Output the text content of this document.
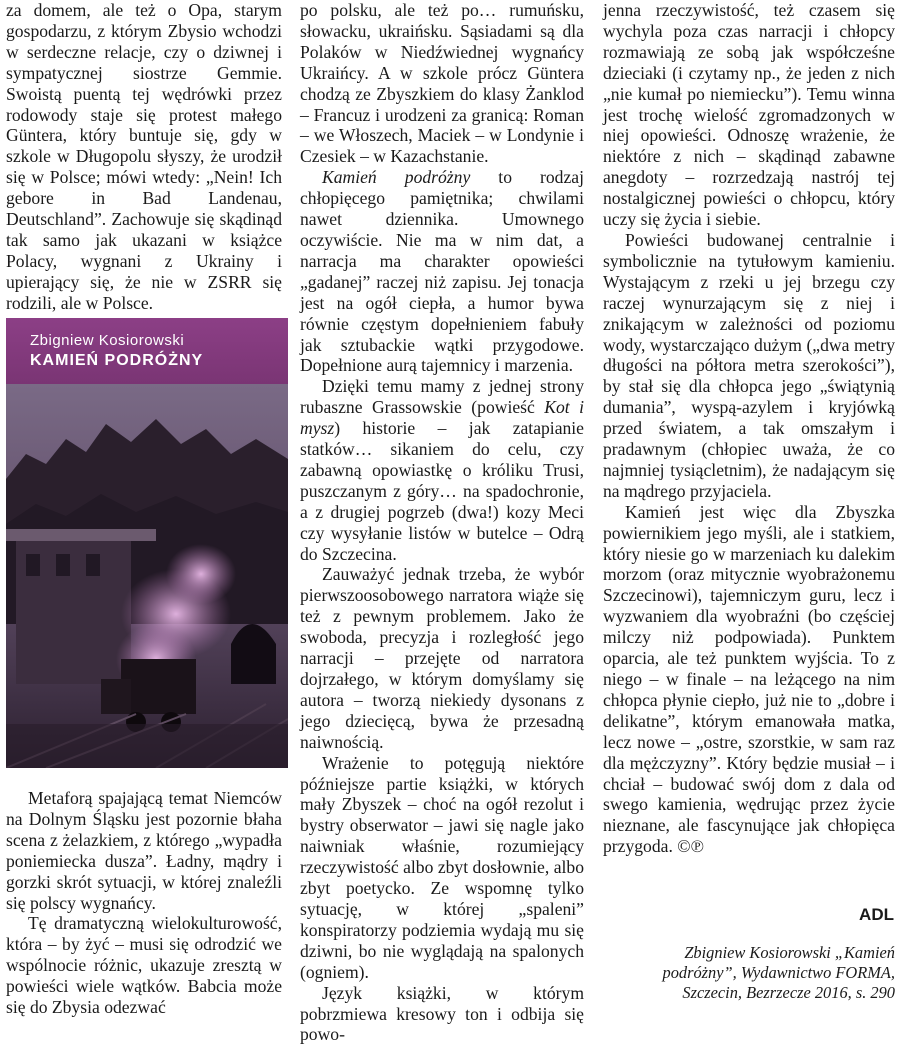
za domem, ale też o Opa, starym gospodarzu, z którym Zbysio wchodzi w serdeczne relacje, czy o dziwnej i sympatycznej siostrze Gemmie. Swoistą puentą tej wędrówki przez rodowody staje się protest małego Güntera, który buntuje się, gdy w szkole w Długopolu słyszy, że urodził się w Polsce; mówi wtedy: „Nein! Ich gebore in Bad Landenau, Deutschland”. Zachowuje się skądinąd tak samo jak ukazani w książce Polacy, wygnani z Ukrainy i upierający się, że nie w ZSRR się rodzili, ale w Polsce.

Zbigniew Kosiorowski
KAMIEŃ PODRÓŻNY

Metaforą spajającą temat Niemców na Dolnym Śląsku jest pozornie błaha scena z żelazkiem, z którego „wypadła poniemiecka dusza”. Ładny, mądry i gorzki skrót sytuacji, w której znaleźli się polscy wygnańcy.

Tę dramatyczną wielokulturowość, która – by żyć – musi się odrodzić we wspólnocie różnic, ukazuje zresztą w powieści wiele wątków. Babcia może się do Zbysia odezwać

po polsku, ale też po… rumuńsku, słowacku, ukraińsku. Sąsiadami są dla Polaków w Niedźwiednej wygnańcy Ukraińcy. A w szkole prócz Güntera chodzą ze Zbyszkiem do klasy Żanklod – Francuz i urodzeni za granicą: Roman – we Włoszech, Maciek – w Londynie i Czesiek – w Kazachstanie.

Kamień podróżny to rodzaj chłopięcego pamiętnika; chwilami nawet dziennika. Umownego oczywiście. Nie ma w nim dat, a narracja ma charakter opowieści „gadanej” raczej niż zapisu. Jej tonacja jest na ogół ciepła, a humor bywa równie częstym dopełnieniem fabuły jak sztubackie wątki przygodowe. Dopełnione aurą tajemnicy i marzenia.

Dzięki temu mamy z jednej strony rubaszne Grassowskie (powieść Kot i mysz) historie – jak zatapianie statków… sikaniem do celu, czy zabawną opowiastkę o króliku Trusi, puszczanym z góry… na spadochronie, a z drugiej pogrzeb (dwa!) kozy Meci czy wysyłanie listów w butelce – Odrą do Szczecina.

Zauważyć jednak trzeba, że wybór pierwszoosobowego narratora wiąże się też z pewnym problemem. Jako że swoboda, precyzja i rozległość jego narracji – przejęte od narratora dojrzałego, w którym domyślamy się autora – tworzą niekiedy dysonans z jego dziecięcą, bywa że przesadną naiwnością.

Wrażenie to potęgują niektóre późniejsze partie książki, w których mały Zbyszek – choć na ogół rezolut i bystry obserwator – jawi się nagle jako naiwniak właśnie, rozumiejący rzeczywistość albo zbyt dosłownie, albo zbyt poetycko. Ze wspomnę tylko sytuację, w której „spaleni” konspiratorzy podziemia wydają mu się dziwni, bo nie wyglądają na spalonych (ogniem).

Język książki, w którym pobrzmiewa kresowy ton i odbija się powo-

jenna rzeczywistość, też czasem się wychyla poza czas narracji i chłopcy rozmawiają ze sobą jak współcześne dzieciaki (i czytamy np., że jeden z nich „nie kumał po niemiecku”). Temu winna jest trochę wielość zgromadzonych w niej opowieści. Odnoszę wrażenie, że niektóre z nich – skądinąd zabawne anegdoty – rozrzedzają nastrój tej nostalgicznej powieści o chłopcu, który uczy się życia i siebie.

Powieści budowanej centralnie i symbolicznie na tytułowym kamieniu. Wystającym z rzeki u jej brzegu czy raczej wynurzającym się z niej i znikającym w zależności od poziomu wody, wystarczająco dużym („dwa metry długości na półtora metra szerokości”), by stał się dla chłopca jego „świątynią dumania”, wyspą-azylem i kryjówką przed światem, a tak omszałym i pradawnym (chłopiec uważa, że co najmniej tysiącletnim), że nadającym się na mądrego przyjaciela.

Kamień jest więc dla Zbyszka powiernikiem jego myśli, ale i statkiem, który niesie go w marzeniach ku dalekim morzom (oraz mitycznie wyobrażonemu Szczecinowi), tajemniczym guru, lecz i wyzwaniem dla wyobraźni (bo częściej milczy niż podpowiada). Punktem oparcia, ale też punktem wyjścia. To z niego – w finale – na leżącego na nim chłopca płynie ciepło, już nie to „dobre i delikatne”, którym emanowała matka, lecz nowe – „ostre, szorstkie, w sam raz dla mężczyzny”. Który będzie musiał – i chciał – budować swój dom z dala od swego kamienia, wędrując przez życie nieznane, ale fascynujące jak chłopięca przygoda. ©℗

ADL

Zbigniew Kosiorowski „Kamień

podróżny”, Wydawnictwo FORMA,

Szczecin, Bezrzecze 2016, s. 290
